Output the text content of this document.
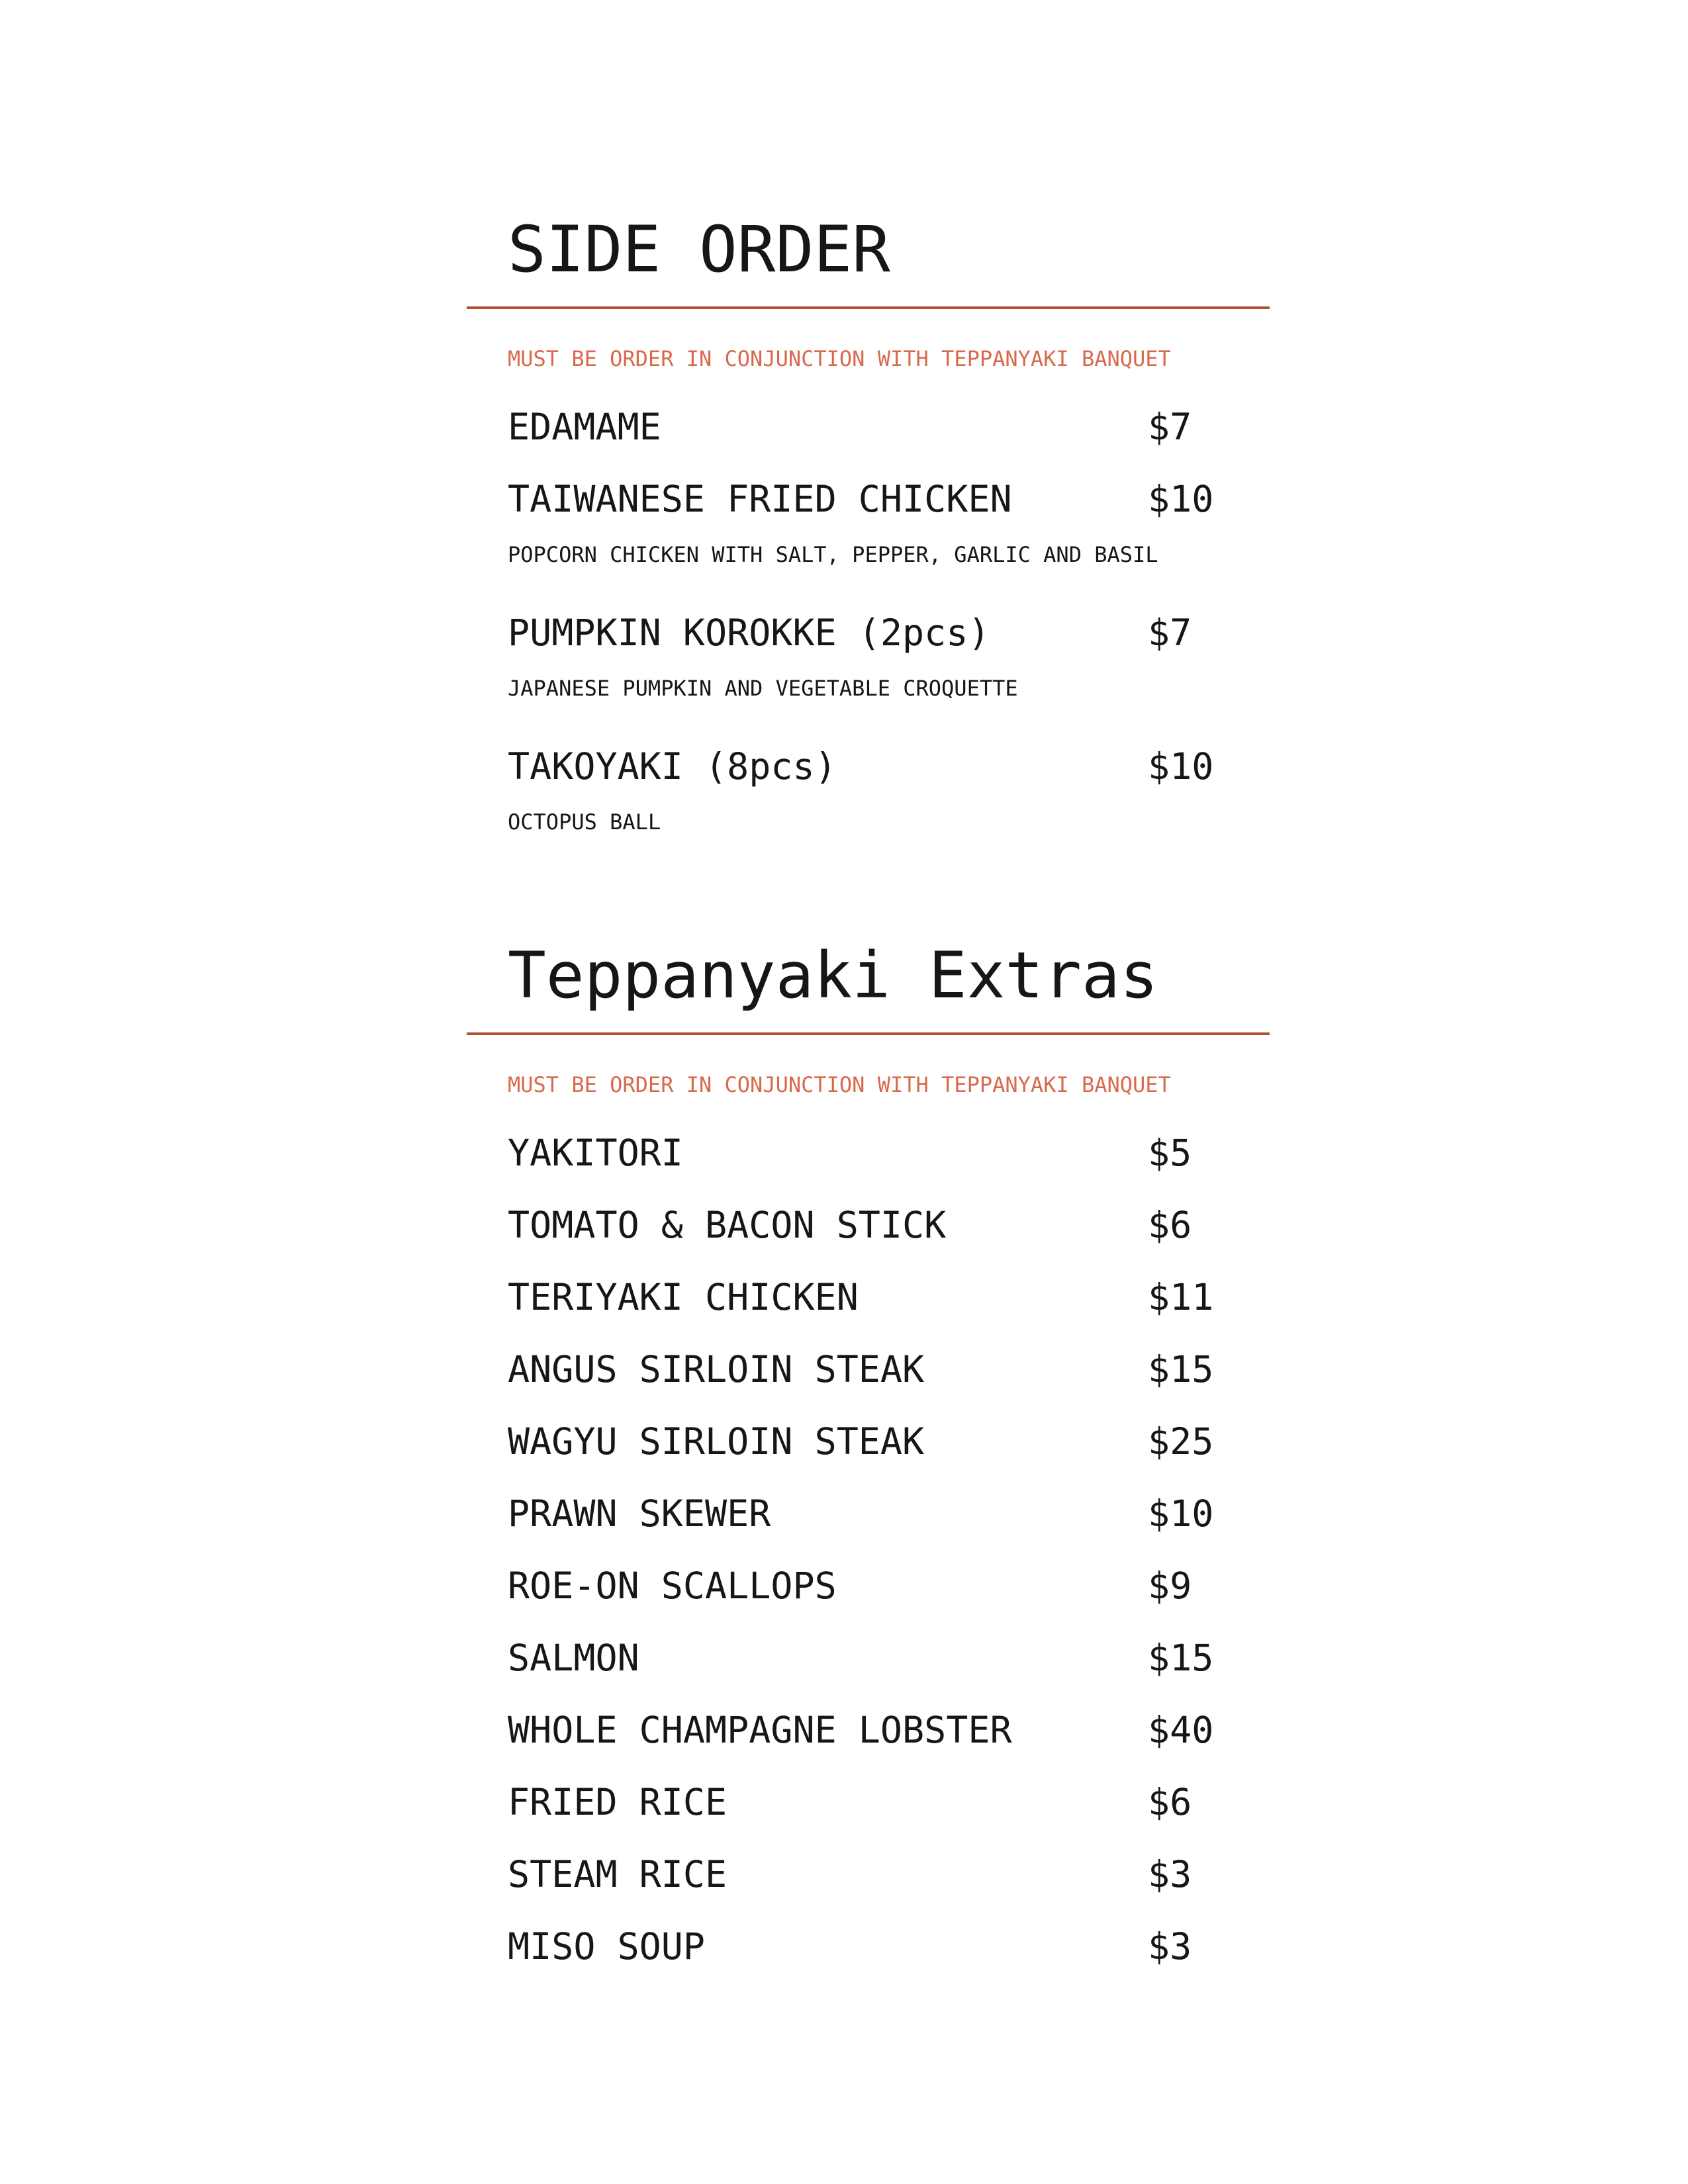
SIDE ORDER

MUST BE ORDER IN CONJUNCTION WITH TEPPANYAKI BANQUET

EDAMAME	$7
TAIWANESE FRIED CHICKEN	$10

POPCORN CHICKEN WITH SALT, PEPPER, GARLIC AND BASIL

PUMPKIN KOROKKE (2pcs)	$7

JAPANESE PUMPKIN AND VEGETABLE CROQUETTE

TAKOYAKI (8pcs)	$10

OCTOPUS BALL

Teppanyaki Extras

MUST BE ORDER IN CONJUNCTION WITH TEPPANYAKI BANQUET

YAKITORI	$5
TOMATO & BACON STICK	$6
TERIYAKI CHICKEN	$11
ANGUS SIRLOIN STEAK	$15
WAGYU SIRLOIN STEAK	$25
PRAWN SKEWER	$10
ROE-ON SCALLOPS	$9
SALMON	$15
WHOLE CHAMPAGNE LOBSTER	$40
FRIED RICE	$6
STEAM RICE	$3
MISO SOUP	$3
